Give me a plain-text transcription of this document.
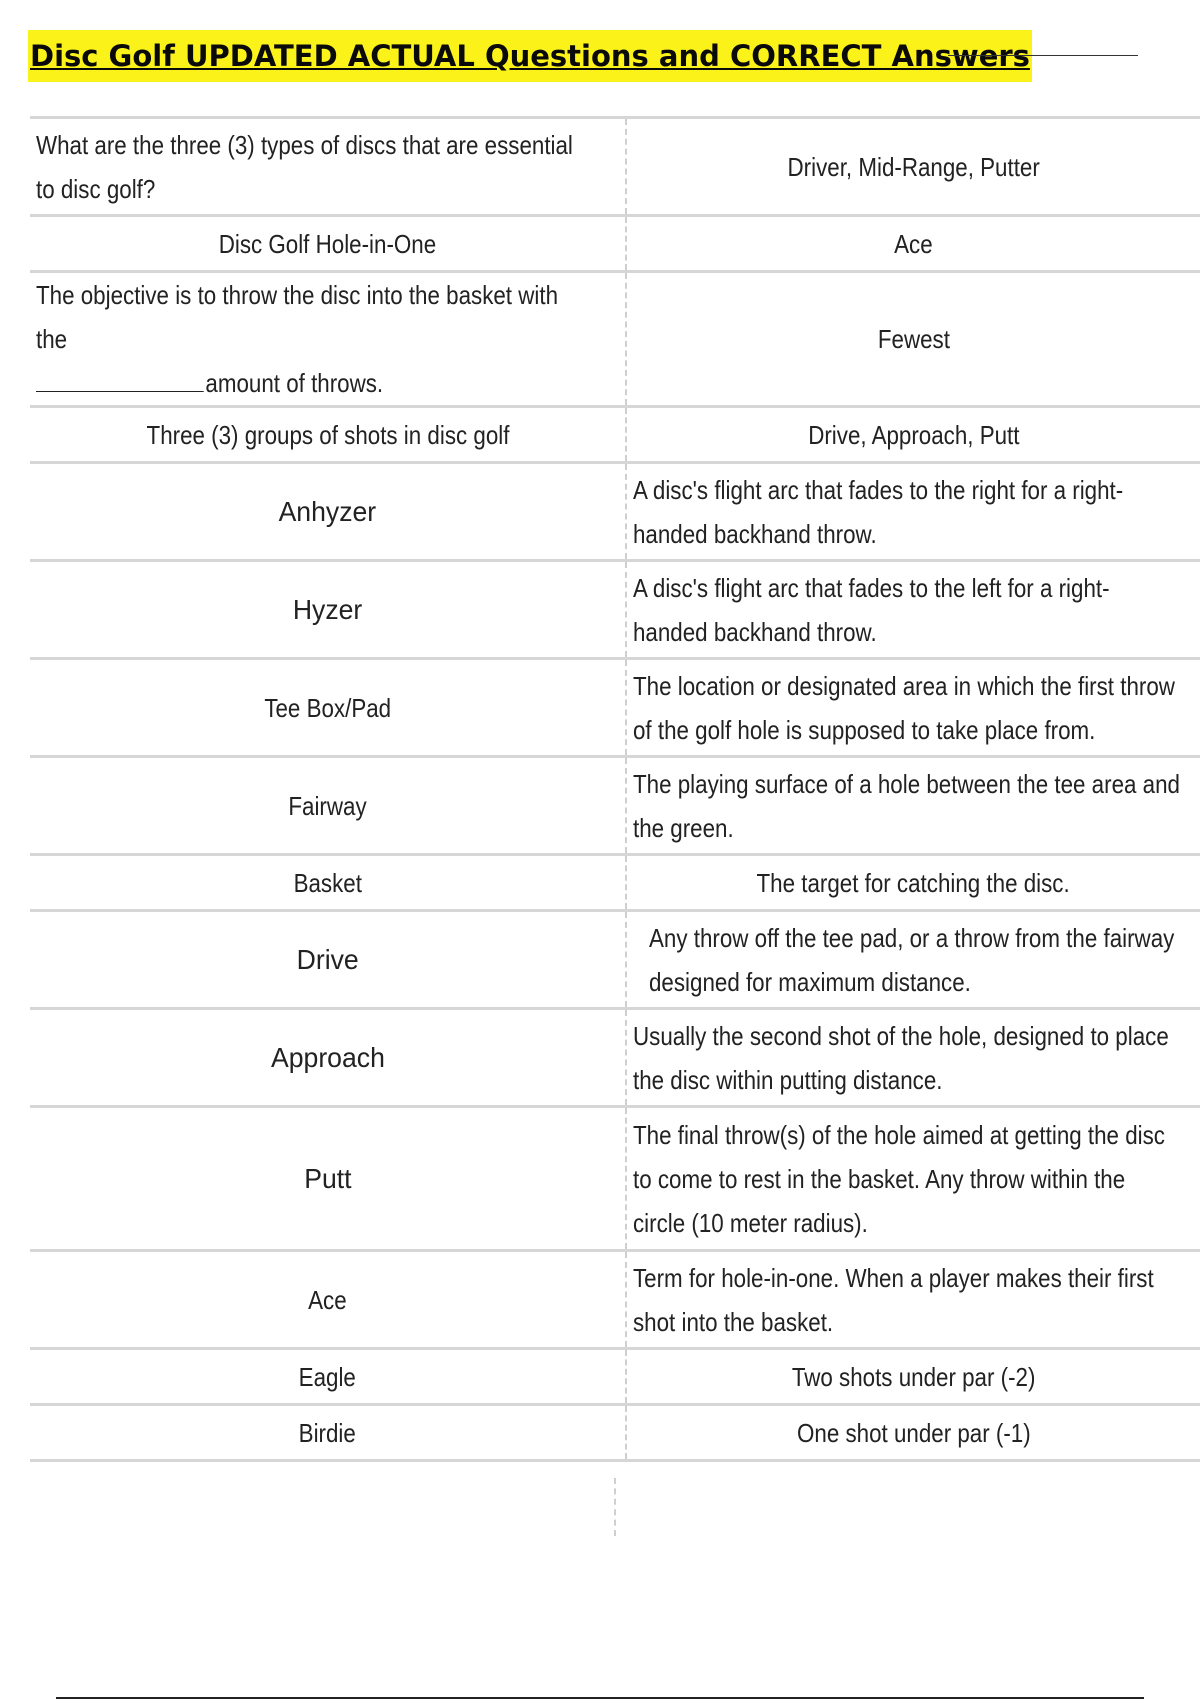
Disc Golf UPDATED ACTUAL Questions and CORRECT Answers
What are the three (3) types of discs that are essential to disc golf?	Driver, Mid-Range, Putter
Disc Golf Hole-in-One	Ace
The objective is to throw the disc into the basket with the
amount of throws.	Fewest
Three (3) groups of shots in disc golf	Drive, Approach, Putt
Anhyzer	A disc's flight arc that fades to the right for a right-handed backhand throw.
Hyzer	A disc's flight arc that fades to the left for a right-handed backhand throw.
Tee Box/Pad	The location or designated area in which the first throw of the golf hole is supposed to take place from.
Fairway	The playing surface of a hole between the tee area and the green.
Basket	The target for catching the disc.
Drive	Any throw off the tee pad, or a throw from the fairway designed for maximum distance.
Approach	Usually the second shot of the hole, designed to place the disc within putting distance.
Putt	The final throw(s) of the hole aimed at getting the disc to come to rest in the basket. Any throw within the circle (10 meter radius).
Ace	Term for hole-in-one. When a player makes their first shot into the basket.
Eagle	Two shots under par (-2)
Birdie	One shot under par (-1)
